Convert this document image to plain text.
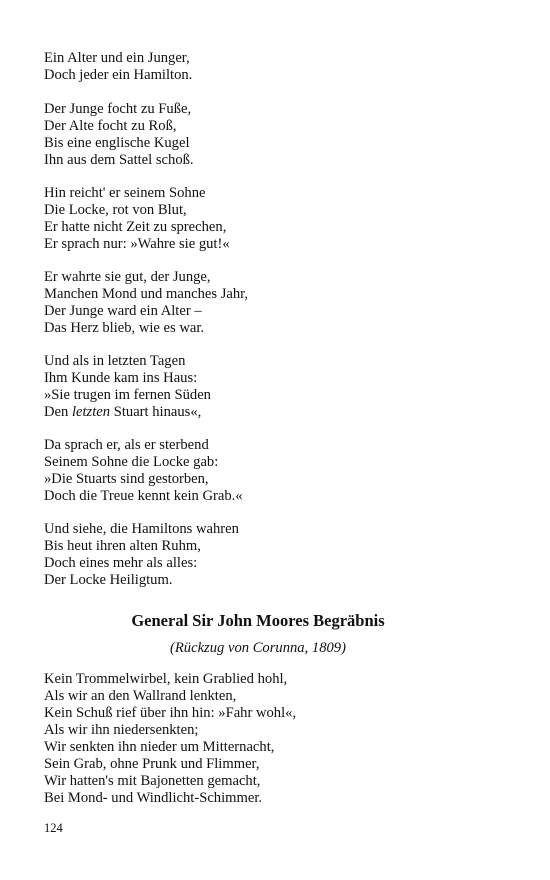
Ein Alter und ein Junger,
Doch jeder ein Hamilton.
Der Junge focht zu Fuße,
Der Alte focht zu Roß,
Bis eine englische Kugel
Ihn aus dem Sattel schoß.
Hin reicht' er seinem Sohne
Die Locke, rot von Blut,
Er hatte nicht Zeit zu sprechen,
Er sprach nur: »Wahre sie gut!«
Er wahrte sie gut, der Junge,
Manchen Mond und manches Jahr,
Der Junge ward ein Alter –
Das Herz blieb, wie es war.
Und als in letzten Tagen
Ihm Kunde kam ins Haus:
»Sie trugen im fernen Süden
Den letzten Stuart hinaus«,
Da sprach er, als er sterbend
Seinem Sohne die Locke gab:
»Die Stuarts sind gestorben,
Doch die Treue kennt kein Grab.«
Und siehe, die Hamiltons wahren
Bis heut ihren alten Ruhm,
Doch eines mehr als alles:
Der Locke Heiligtum.
General Sir John Moores Begräbnis
(Rückzug von Corunna, 1809)
Kein Trommelwirbel, kein Grablied hohl,
Als wir an den Wallrand lenkten,
Kein Schuß rief über ihn hin: »Fahr wohl«,
Als wir ihn niedersenkten;
Wir senkten ihn nieder um Mitternacht,
Sein Grab, ohne Prunk und Flimmer,
Wir hatten's mit Bajonetten gemacht,
Bei Mond- und Windlicht-Schimmer.
124
